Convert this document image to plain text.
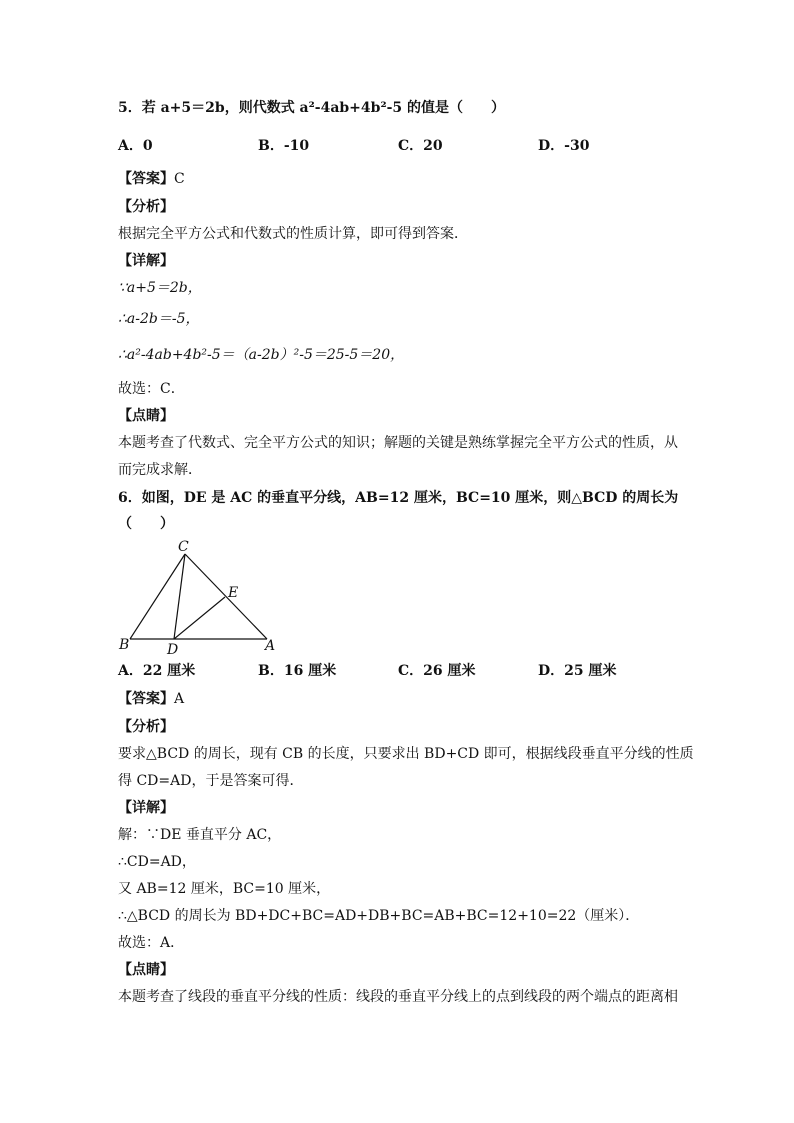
5．若 a+5＝2b，则代数式 a²-4ab+4b²-5 的值是（　　）
A．0	B．-10	C．20	D．-30
【答案】C
【分析】
根据完全平方公式和代数式的性质计算，即可得到答案．
【详解】
∵a+5＝2b，
∴a-2b＝-5，
∴a²-4ab+4b²-5＝（a-2b）²-5＝25-5＝20，
故选：C．
【点睛】
本题考查了代数式、完全平方公式的知识；解题的关键是熟练掌握完全平方公式的性质，从
而完成求解．
6．如图，DE 是 AC 的垂直平分线，AB=12 厘米，BC=10 厘米，则△BCD 的周长为
（　　）
C
E
B	D	A
A．22 厘米	B．16 厘米	C．26 厘米	D．25 厘米
【答案】A
【分析】
要求△BCD 的周长，现有 CB 的长度，只要求出 BD+CD 即可，根据线段垂直平分线的性质
得 CD=AD，于是答案可得．
【详解】
解：∵DE 垂直平分 AC，
∴CD=AD，
又 AB=12 厘米，BC=10 厘米，
∴△BCD 的周长为 BD+DC+BC=AD+DB+BC=AB+BC=12+10=22（厘米）．
故选：A．
【点睛】
本题考查了线段的垂直平分线的性质：线段的垂直平分线上的点到线段的两个端点的距离相
